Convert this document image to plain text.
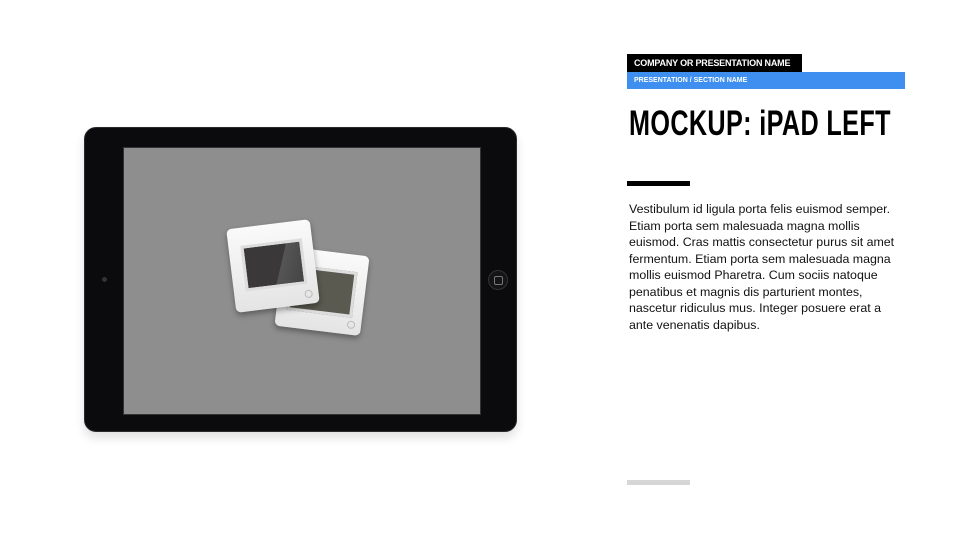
COMPANY OR PRESENTATION NAME
PRESENTATION / SECTION NAME
MOCKUP: iPAD LEFT
Vestibulum id ligula porta felis euismod semper. Etiam porta sem malesuada magna mollis euismod. Cras mattis consectetur purus sit amet fermentum. Etiam porta sem malesuada magna mollis euismod Pharetra. Cum sociis natoque penatibus et magnis dis parturient montes, nascetur ridiculus mus. Integer posuere erat a ante venenatis dapibus.
